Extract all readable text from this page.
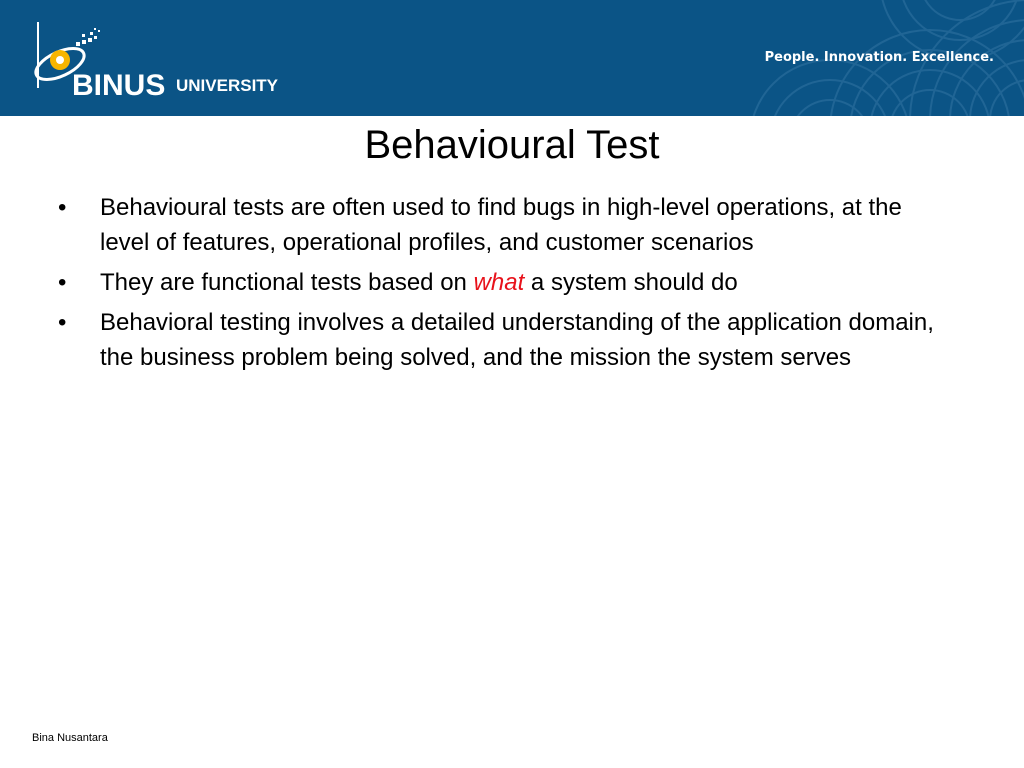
BINUS UNIVERSITY
People. Innovation. Excellence.
Behavioural Test
• Behavioural tests are often used to find bugs in high-level operations, at the level of features, operational profiles, and customer scenarios
• They are functional tests based on what a system should do
• Behavioral testing involves a detailed understanding of the application domain, the business problem being solved, and the mission the system serves
Bina Nusantara
